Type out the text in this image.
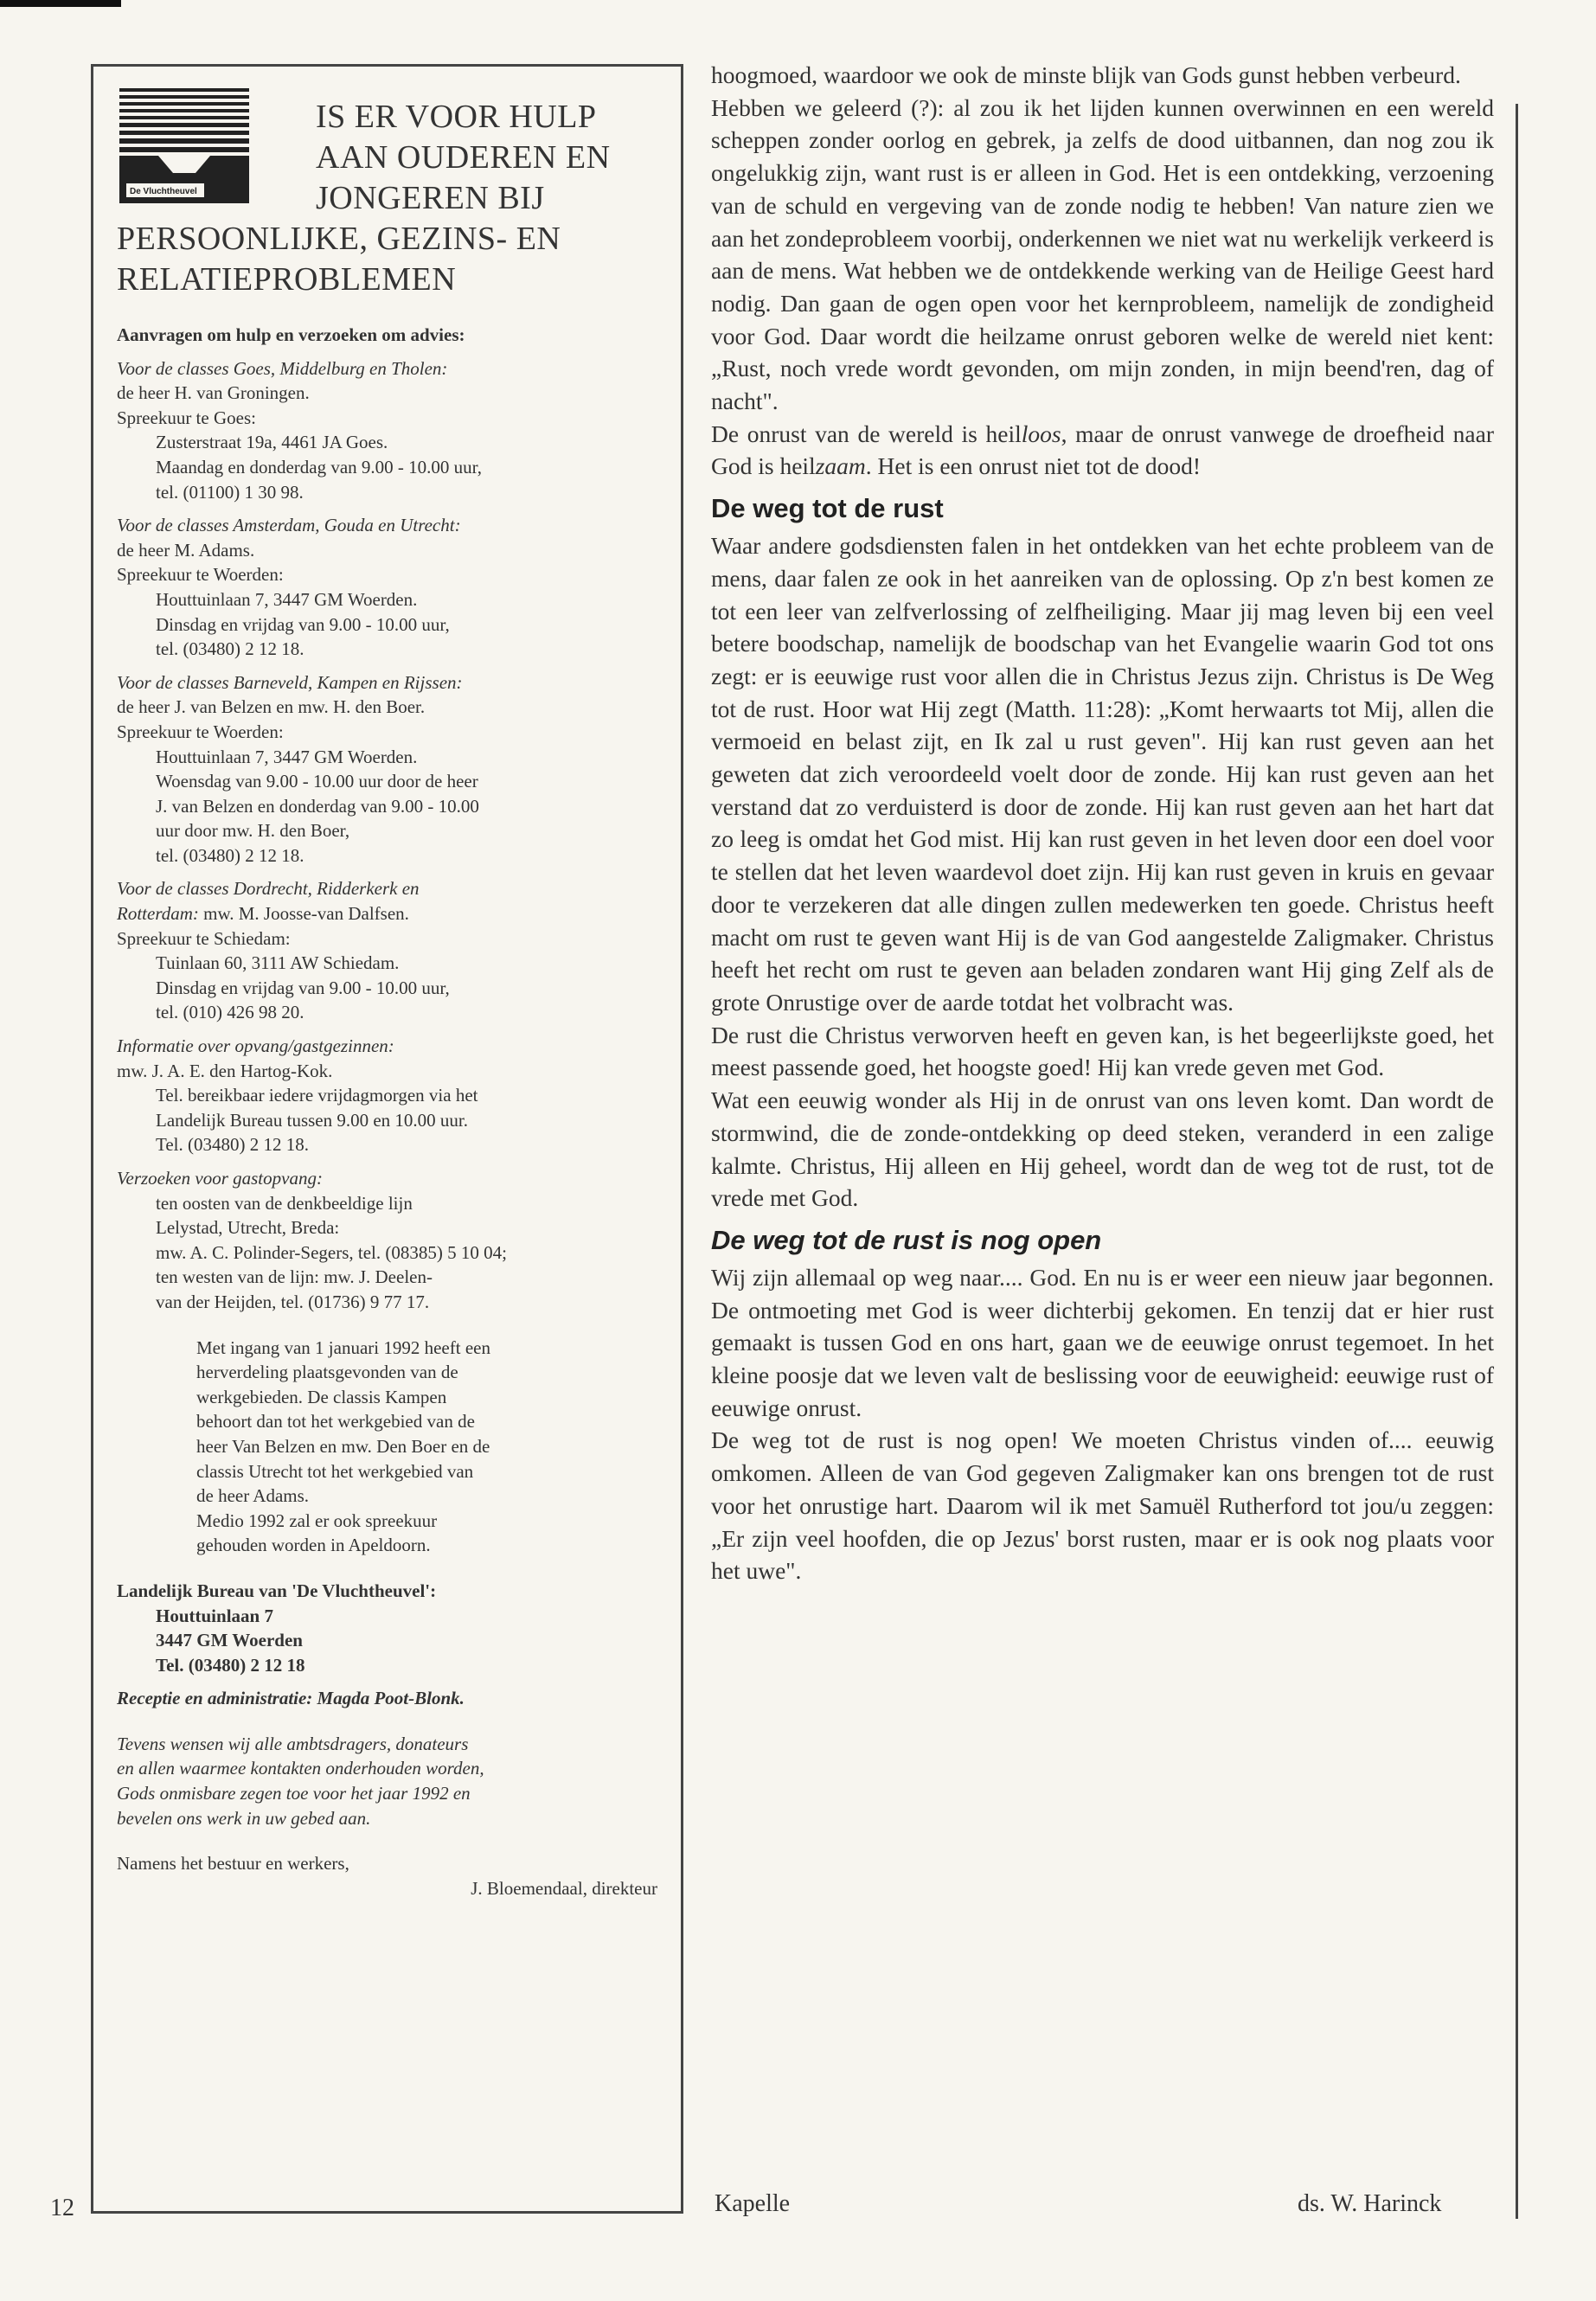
De Vluchtheuvel
IS ER VOOR HULP
AAN OUDEREN EN
JONGEREN BIJ
PERSOONLIJKE, GEZINS- EN
RELATIEPROBLEMEN
Aanvragen om hulp en verzoeken om advies:
Voor de classes Goes, Middelburg en Tholen:
de heer H. van Groningen.
Spreekuur te Goes:
Zusterstraat 19a, 4461 JA Goes.
Maandag en donderdag van 9.00 - 10.00 uur,
tel. (01100) 1 30 98.
Voor de classes Amsterdam, Gouda en Utrecht:
de heer M. Adams.
Spreekuur te Woerden:
Houttuinlaan 7, 3447 GM Woerden.
Dinsdag en vrijdag van 9.00 - 10.00 uur,
tel. (03480) 2 12 18.
Voor de classes Barneveld, Kampen en Rijssen:
de heer J. van Belzen en mw. H. den Boer.
Spreekuur te Woerden:
Houttuinlaan 7, 3447 GM Woerden.
Woensdag van 9.00 - 10.00 uur door de heer
J. van Belzen en donderdag van 9.00 - 10.00
uur door mw. H. den Boer,
tel. (03480) 2 12 18.
Voor de classes Dordrecht, Ridderkerk en
Rotterdam: mw. M. Joosse-van Dalfsen.
Spreekuur te Schiedam:
Tuinlaan 60, 3111 AW Schiedam.
Dinsdag en vrijdag van 9.00 - 10.00 uur,
tel. (010) 426 98 20.
Informatie over opvang/gastgezinnen:
mw. J. A. E. den Hartog-Kok.
Tel. bereikbaar iedere vrijdagmorgen via het
Landelijk Bureau tussen 9.00 en 10.00 uur.
Tel. (03480) 2 12 18.
Verzoeken voor gastopvang:
ten oosten van de denkbeeldige lijn
Lelystad, Utrecht, Breda:
mw. A. C. Polinder-Segers, tel. (08385) 5 10 04;
ten westen van de lijn: mw. J. Deelen-
van der Heijden, tel. (01736) 9 77 17.
Met ingang van 1 januari 1992 heeft een
herverdeling plaatsgevonden van de
werkgebieden. De classis Kampen
behoort dan tot het werkgebied van de
heer Van Belzen en mw. Den Boer en de
classis Utrecht tot het werkgebied van
de heer Adams.
Medio 1992 zal er ook spreekuur
gehouden worden in Apeldoorn.
Landelijk Bureau van 'De Vluchtheuvel':
Houttuinlaan 7
3447 GM Woerden
Tel. (03480) 2 12 18
Receptie en administratie: Magda Poot-Blonk.
Tevens wensen wij alle ambtsdragers, donateurs
en allen waarmee kontakten onderhouden worden,
Gods onmisbare zegen toe voor het jaar 1992 en
bevelen ons werk in uw gebed aan.
Namens het bestuur en werkers,
J. Bloemendaal, direkteur
12

hoogmoed, waardoor we ook de minste blijk van Gods gunst hebben verbeurd.

Hebben we geleerd (?): al zou ik het lijden kunnen overwinnen en een wereld scheppen zonder oorlog en gebrek, ja zelfs de dood uitbannen, dan nog zou ik ongelukkig zijn, want rust is er alleen in God. Het is een ontdekking, verzoening van de schuld en vergeving van de zonde nodig te hebben! Van nature zien we aan het zondeprobleem voorbij, onderkennen we niet wat nu werkelijk verkeerd is aan de mens. Wat hebben we de ontdekkende werking van de Heilige Geest hard nodig. Dan gaan de ogen open voor het kernprobleem, namelijk de zondigheid voor God. Daar wordt die heilzame onrust geboren welke de wereld niet kent: „Rust, noch vrede wordt gevonden, om mijn zonden, in mijn beend'ren, dag of nacht".

De onrust van de wereld is heilloos, maar de onrust vanwege de droefheid naar God is heilzaam. Het is een onrust niet tot de dood!

De weg tot de rust

Waar andere godsdiensten falen in het ontdekken van het echte probleem van de mens, daar falen ze ook in het aanreiken van de oplossing. Op z'n best komen ze tot een leer van zelfverlossing of zelfheiliging. Maar jij mag leven bij een veel betere boodschap, namelijk de boodschap van het Evangelie waarin God tot ons zegt: er is eeuwige rust voor allen die in Christus Jezus zijn. Christus is De Weg tot de rust. Hoor wat Hij zegt (Matth. 11:28): „Komt herwaarts tot Mij, allen die vermoeid en belast zijt, en Ik zal u rust geven". Hij kan rust geven aan het geweten dat zich veroordeeld voelt door de zonde. Hij kan rust geven aan het verstand dat zo verduisterd is door de zonde. Hij kan rust geven aan het hart dat zo leeg is omdat het God mist. Hij kan rust geven in het leven door een doel voor te stellen dat het leven waardevol doet zijn. Hij kan rust geven in kruis en gevaar door te verzekeren dat alle dingen zullen medewerken ten goede. Christus heeft macht om rust te geven want Hij is de van God aangestelde Zaligmaker. Christus heeft het recht om rust te geven aan beladen zondaren want Hij ging Zelf als de grote Onrustige over de aarde totdat het volbracht was.

De rust die Christus verworven heeft en geven kan, is het begeerlijkste goed, het meest passende goed, het hoogste goed! Hij kan vrede geven met God.

Wat een eeuwig wonder als Hij in de onrust van ons leven komt. Dan wordt de stormwind, die de zonde-ontdekking op deed steken, veranderd in een zalige kalmte. Christus, Hij alleen en Hij geheel, wordt dan de weg tot de rust, tot de vrede met God.

De weg tot de rust is nog open

Wij zijn allemaal op weg naar.... God. En nu is er weer een nieuw jaar begonnen. De ontmoeting met God is weer dichterbij gekomen. En tenzij dat er hier rust gemaakt is tussen God en ons hart, gaan we de eeuwige onrust tegemoet. In het kleine poosje dat we leven valt de beslissing voor de eeuwigheid: eeuwige rust of eeuwige onrust.

De weg tot de rust is nog open! We moeten Christus vinden of.... eeuwig omkomen. Alleen de van God gegeven Zaligmaker kan ons brengen tot de rust voor het onrustige hart. Daarom wil ik met Samuël Rutherford tot jou/u zeggen: „Er zijn veel hoofden, die op Jezus' borst rusten, maar er is ook nog plaats voor het uwe".

Kapelle	ds. W. Harinck
